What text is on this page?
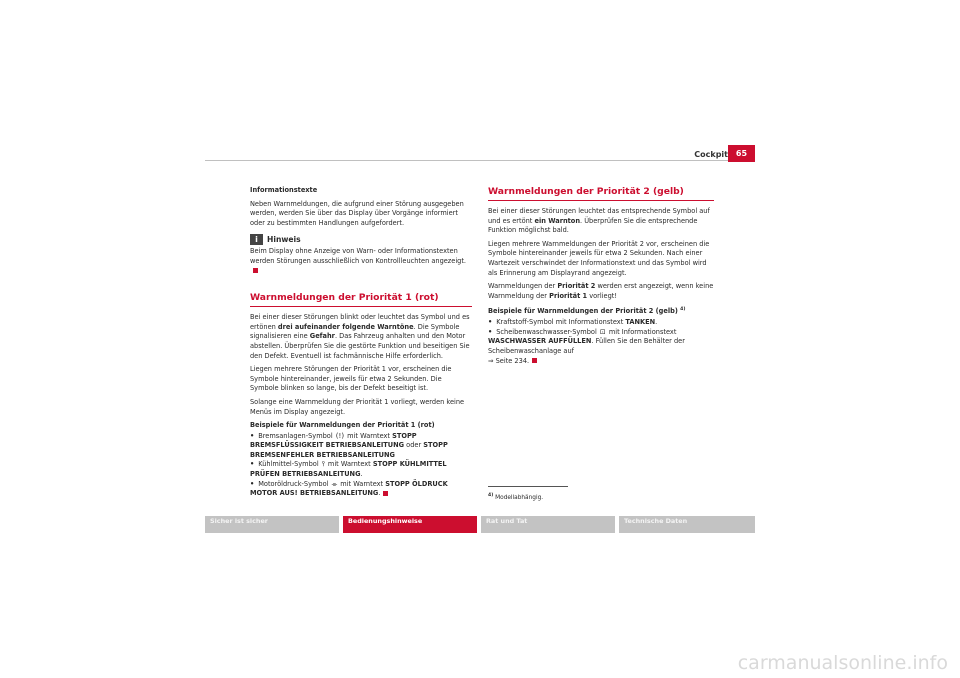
Cockpit 65
Informationstexte
Neben Warnmeldungen, die aufgrund einer Störung ausgegeben werden, werden Sie über das Display über Vorgänge informiert oder zu bestimmten Handlungen aufgefordert.
i	Hinweis
Beim Display ohne Anzeige von Warn- oder Informationstexten werden Störungen ausschließlich von Kontrollleuchten angezeigt.
Warnmeldungen der Priorität 1 (rot)
Bei einer dieser Störungen blinkt oder leuchtet das Symbol und es ertönen drei aufeinander folgende Warntöne. Die Symbole signalisieren eine Gefahr. Das Fahrzeug anhalten und den Motor abstellen. Überprüfen Sie die gestörte Funktion und beseitigen Sie den Defekt. Eventuell ist fachmännische Hilfe erforderlich.
Liegen mehrere Störungen der Priorität 1 vor, erscheinen die Symbole hintereinander, jeweils für etwa 2 Sekunden. Die Symbole blinken so lange, bis der Defekt beseitigt ist.
Solange eine Warnmeldung der Priorität 1 vorliegt, werden keine Menüs im Display angezeigt.
Beispiele für Warnmeldungen der Priorität 1 (rot)
• Bremsanlagen-Symbol (!) mit Warntext STOPP BREMSFLÜSSIGKEIT BETRIEBSANLEITUNG oder STOPP BREMSENFEHLER BETRIEBSANLEITUNG
• Kühlmittel-Symbol ⫯ mit Warntext STOPP KÜHLMITTEL PRÜFEN BETRIEBSANLEITUNG.
• Motoröldruck-Symbol ⌯ mit Warntext STOPP ÖLDRUCK MOTOR AUS! BETRIEBSANLEITUNG.
Warnmeldungen der Priorität 2 (gelb)
Bei einer dieser Störungen leuchtet das entsprechende Symbol auf und es ertönt ein Warnton. Überprüfen Sie die entsprechende Funktion möglichst bald.
Liegen mehrere Warnmeldungen der Priorität 2 vor, erscheinen die Symbole hintereinander jeweils für etwa 2 Sekunden. Nach einer Wartezeit verschwindet der Informationstext und das Symbol wird als Erinnerung am Displayrand angezeigt.
Warnmeldungen der Priorität 2 werden erst angezeigt, wenn keine Warnmeldung der Priorität 1 vorliegt!
Beispiele für Warnmeldungen der Priorität 2 (gelb) $^{4)}$
• Kraftstoff-Symbol mit Informationstext TANKEN.
• Scheibenwaschwasser-Symbol ⊡ mit Informationstext WASCHWASSER AUFFÜLLEN. Füllen Sie den Behälter der Scheibenwaschanlage auf
⇒ Seite 234.
$^{4)}$ Modellabhängig.
Sicher ist sicher	Bedienungshinweise	Rat und Tat	Technische Daten
carmanualsonline.info
